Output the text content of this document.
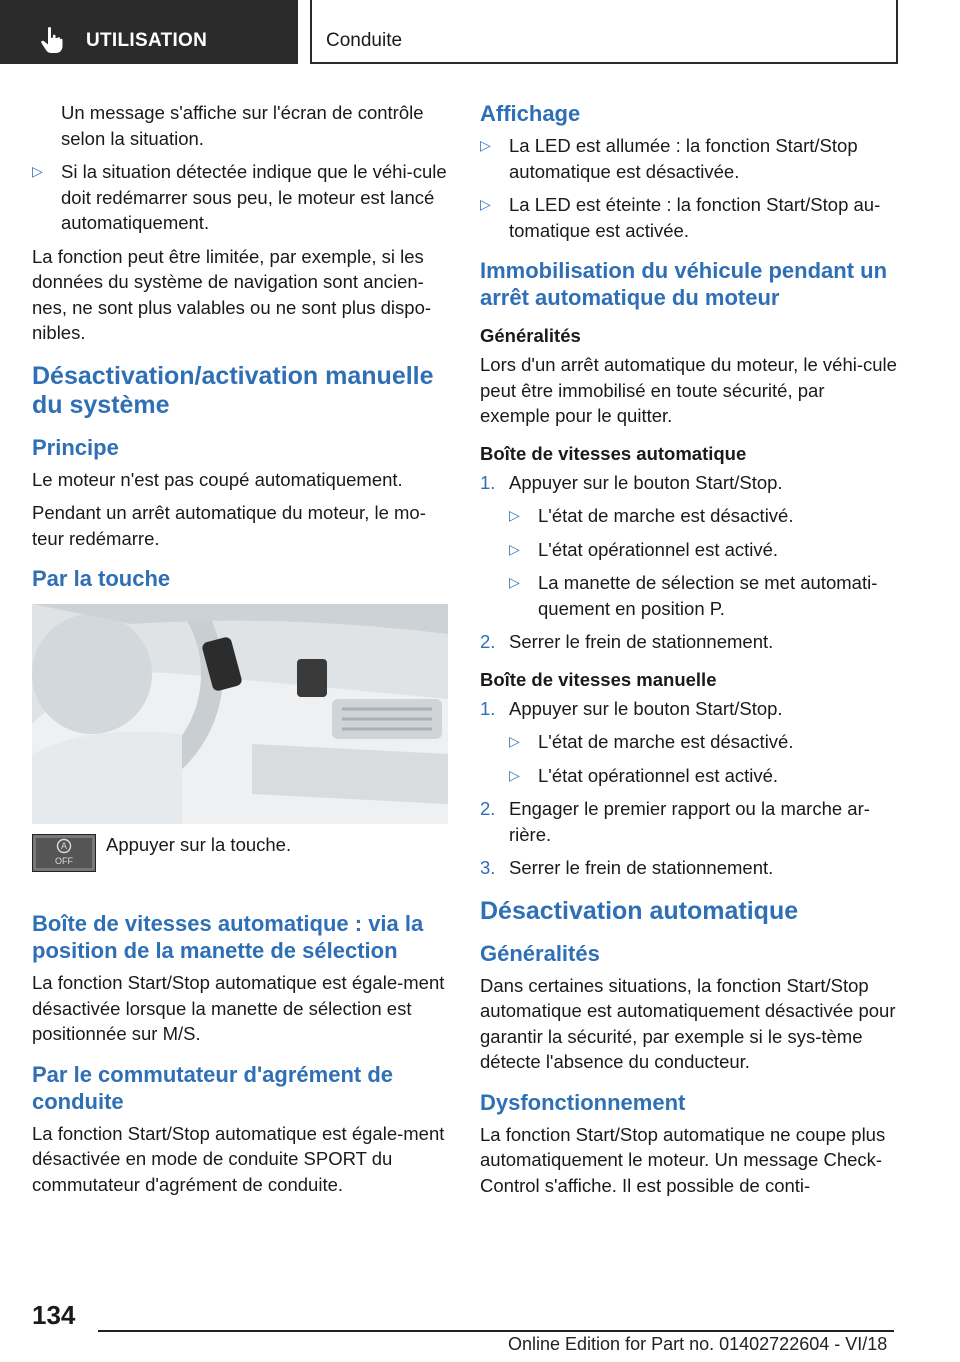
UTILISATION	Conduite

Un message s'affiche sur l'écran de contrôle selon la situation.

▷ Si la situation détectée indique que le véhi-cule doit redémarrer sous peu, le moteur est lancé automatiquement.

La fonction peut être limitée, par exemple, si les données du système de navigation sont ancien-nes, ne sont plus valables ou ne sont plus dispo-nibles.

Désactivation/activation manuelle du système
Principe

Le moteur n'est pas coupé automatiquement.

Pendant un arrêt automatique du moteur, le mo-teur redémarre.

Par la touche
A
OFF
Appuyer sur la touche.
Boîte de vitesses automatique : via la position de la manette de sélection

La fonction Start/Stop automatique est égale-ment désactivée lorsque la manette de sélection est positionnée sur M/S.

Par le commutateur d'agrément de conduite

La fonction Start/Stop automatique est égale-ment désactivée en mode de conduite SPORT du commutateur d'agrément de conduite.

Affichage
▷ La LED est allumée : la fonction Start/Stop automatique est désactivée.
▷ La LED est éteinte : la fonction Start/Stop au-tomatique est activée.
Immobilisation du véhicule pendant un arrêt automatique du moteur
Généralités

Lors d'un arrêt automatique du moteur, le véhi-cule peut être immobilisé en toute sécurité, par exemple pour le quitter.

Boîte de vitesses automatique
1. Appuyer sur le bouton Start/Stop.
▷ L'état de marche est désactivé.
▷ L'état opérationnel est activé.
▷ La manette de sélection se met automati-quement en position P.
2. Serrer le frein de stationnement.
Boîte de vitesses manuelle
1. Appuyer sur le bouton Start/Stop.
▷ L'état de marche est désactivé.
▷ L'état opérationnel est activé.
2. Engager le premier rapport ou la marche ar-rière.
3. Serrer le frein de stationnement.
Désactivation automatique
Généralités

Dans certaines situations, la fonction Start/Stop automatique est automatiquement désactivée pour garantir la sécurité, par exemple si le sys-tème détecte l'absence du conducteur.

Dysfonctionnement

La fonction Start/Stop automatique ne coupe plus automatiquement le moteur. Un message Check-Control s'affiche. Il est possible de conti-

134
Online Edition for Part no. 01402722604 - VI/18
